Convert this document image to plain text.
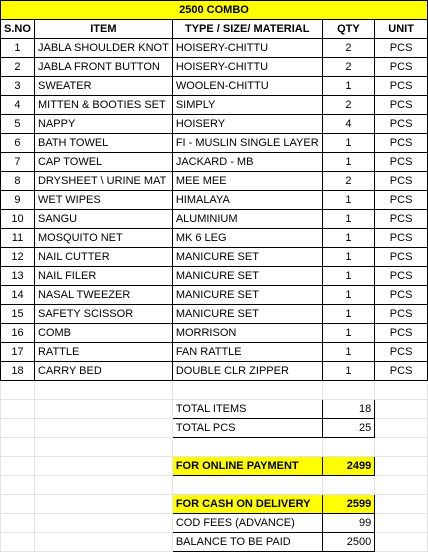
2500 COMBO				
S.NO	ITEM	TYPE / SIZE/ MATERIAL	QTY	UNIT
1	JABLA SHOULDER KNOT	HOISERY-CHITTU	2	PCS
2	JABLA FRONT BUTTON	HOISERY-CHITTU	2	PCS
3	SWEATER	WOOLEN-CHITTU	1	PCS
4	MITTEN & BOOTIES SET	SIMPLY	2	PCS
5	NAPPY	HOISERY	4	PCS
6	BATH TOWEL	FI - MUSLIN SINGLE LAYER	1	PCS
7	CAP TOWEL	JACKARD - MB	1	PCS
8	DRYSHEET \ URINE MAT	MEE MEE	2	PCS
9	WET WIPES	HIMALAYA	1	PCS
10	SANGU	ALUMINIUM	1	PCS
11	MOSQUITO NET	MK 6 LEG	1	PCS
12	NAIL CUTTER	MANICURE SET	1	PCS
13	NAIL FILER	MANICURE SET	1	PCS
14	NASAL TWEEZER	MANICURE SET	1	PCS
15	SAFETY SCISSOR	MANICURE SET	1	PCS
16	COMB	MORRISON	1	PCS
17	RATTLE	FAN RATTLE	1	PCS
18	CARRY BED	DOUBLE CLR ZIPPER	1	PCS

		TOTAL ITEMS	18	
		TOTAL PCS	25	

		FOR ONLINE PAYMENT	2499	

		FOR CASH ON DELIVERY	2599	
		COD FEES (ADVANCE)	99	
		BALANCE TO BE PAID	2500	
